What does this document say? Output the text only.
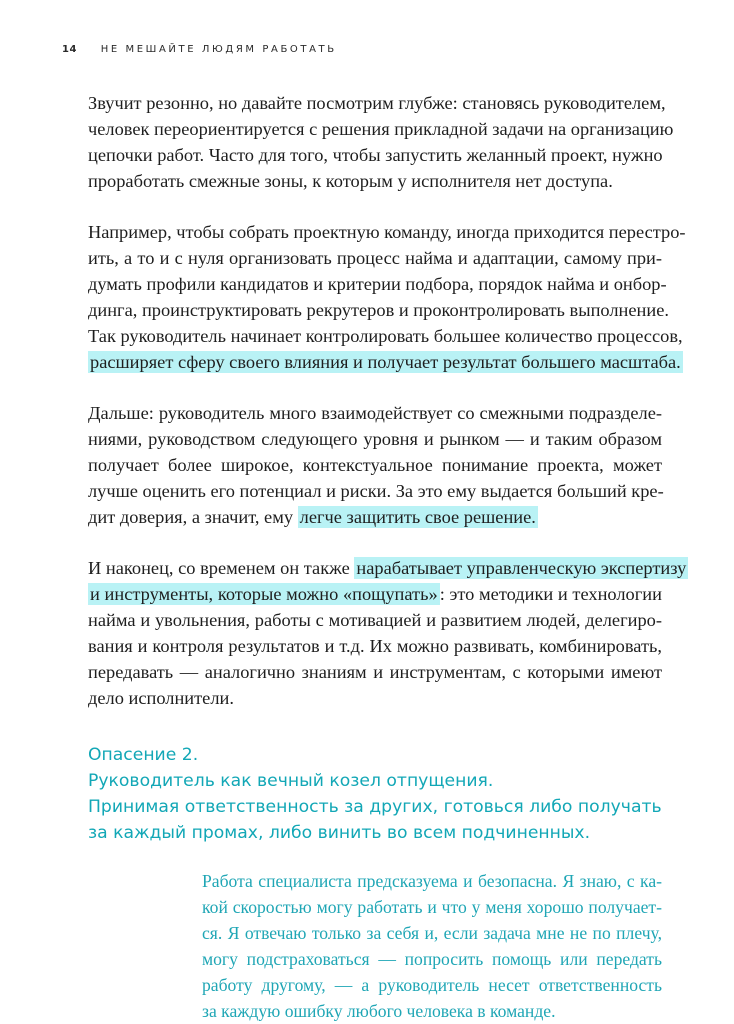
14 НЕ МЕШАЙТЕ ЛЮДЯМ РАБОТАТЬ
Звучит резонно, но давайте посмотрим глубже: становясь руководителем,
человек переориентируется с решения прикладной задачи на организацию
цепочки работ. Часто для того, чтобы запустить желанный проект, нужно
проработать смежные зоны, к которым у исполнителя нет доступа.
Например, чтобы собрать проектную команду, иногда приходится перестро-
ить, а то и с нуля организовать процесс найма и адаптации, самому при-
думать профили кандидатов и критерии подбора, порядок найма и онбор-
динга, проинструктировать рекрутеров и проконтролировать выполнение.
Так руководитель начинает контролировать большее количество процессов,
расширяет сферу своего влияния и получает результат большего масштаба.
Дальше: руководитель много взаимодействует со смежными подразделе-
ниями, руководством следующего уровня и рынком — и таким образом
получает более широкое, контекстуальное понимание проекта, может
лучше оценить его потенциал и риски. За это ему выдается больший кре-
дит доверия, а значит, ему легче защитить свое решение.
И наконец, со временем он также нарабатывает управленческую экспертизу
и инструменты, которые можно «пощупать» : это методики и технологии
найма и увольнения, работы с мотивацией и развитием людей, делегиро-
вания и контроля результатов и т.д. Их можно развивать, комбинировать,
передавать — аналогично знаниям и инструментам, с которыми имеют
дело исполнители.
Опасение 2.
Руководитель как вечный козел отпущения.
Принимая ответственность за других, готовься либо получать
за каждый промах, либо винить во всем подчиненных.
Работа специалиста предсказуема и безопасна. Я знаю, с ка-
кой скоростью могу работать и что у меня хорошо получает-
ся. Я отвечаю только за себя и, если задача мне не по плечу,
могу подстраховаться — попросить помощь или передать
работу другому, — а руководитель несет ответственность
за каждую ошибку любого человека в команде.
